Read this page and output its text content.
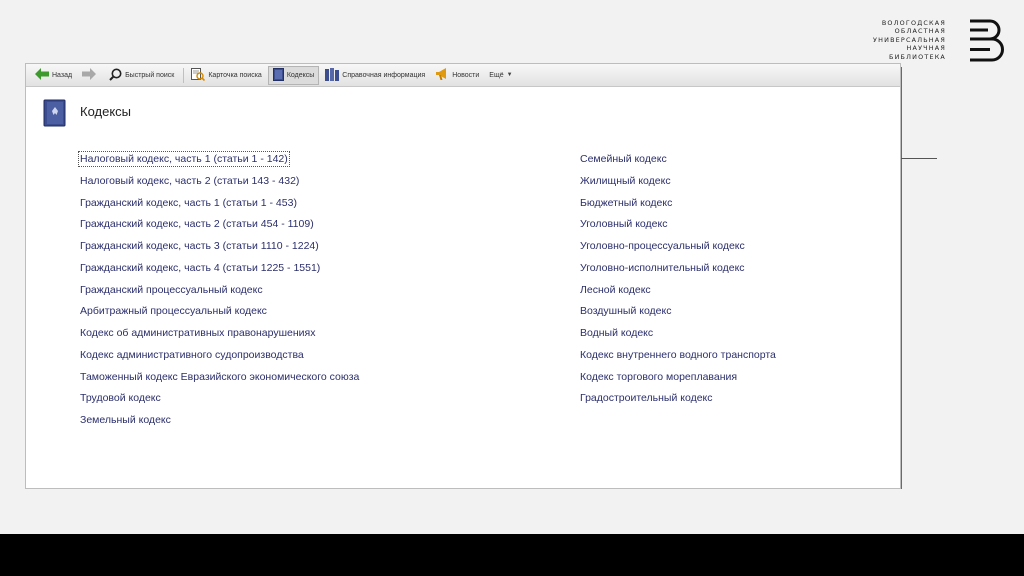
ВОЛОГОДСКАЯ
ОБЛАСТНАЯ
УНИВЕРСАЛЬНАЯ
НАУЧНАЯ
БИБЛИОТЕКА
Назад	Быстрый поиск	Карточка поиска	Кодексы	Справочная информация	Новости Ещё ▼
Кодексы
Налоговый кодекс, часть 1 (статьи 1 - 142)
Налоговый кодекс, часть 2 (статьи 143 - 432)
Гражданский кодекс, часть 1 (статьи 1 - 453)
Гражданский кодекс, часть 2 (статьи 454 - 1109)
Гражданский кодекс, часть 3 (статьи 1110 - 1224)
Гражданский кодекс, часть 4 (статьи 1225 - 1551)
Гражданский процессуальный кодекс
Арбитражный процессуальный кодекс
Кодекс об административных правонарушениях
Кодекс административного судопроизводства
Таможенный кодекс Евразийского экономического союза
Трудовой кодекс
Земельный кодекс
Семейный кодекс
Жилищный кодекс
Бюджетный кодекс
Уголовный кодекс
Уголовно-процессуальный кодекс
Уголовно-исполнительный кодекс
Лесной кодекс
Воздушный кодекс
Водный кодекс
Кодекс внутреннего водного транспорта
Кодекс торгового мореплавания
Градостроительный кодекс
